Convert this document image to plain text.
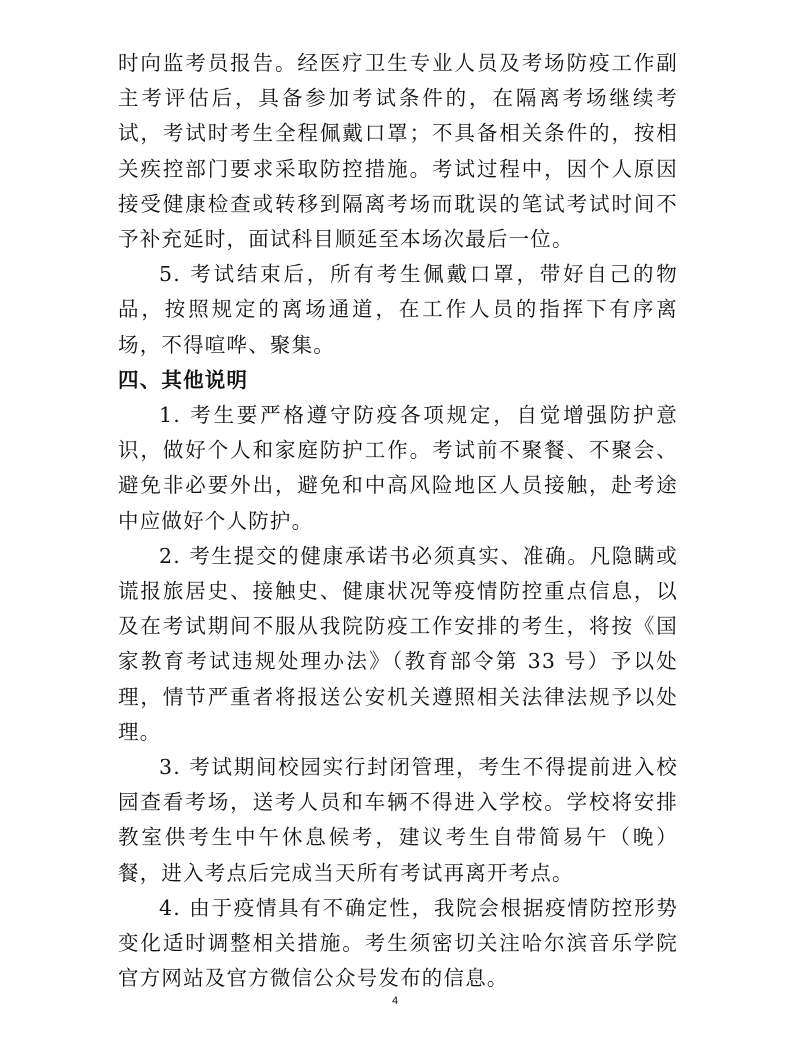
时向监考员报告。经医疗卫生专业人员及考场防疫工作副主考评估后，具备参加考试条件的，在隔离考场继续考试，考试时考生全程佩戴口罩；不具备相关条件的，按相关疾控部门要求采取防控措施。考试过程中，因个人原因接受健康检查或转移到隔离考场而耽误的笔试考试时间不予补充延时，面试科目顺延至本场次最后一位。

5. 考试结束后，所有考生佩戴口罩，带好自己的物品，按照规定的离场通道，在工作人员的指挥下有序离场，不得喧哗、聚集。

四、其他说明

1. 考生要严格遵守防疫各项规定，自觉增强防护意识，做好个人和家庭防护工作。考试前不聚餐、不聚会、避免非必要外出，避免和中高风险地区人员接触，赴考途中应做好个人防护。

2. 考生提交的健康承诺书必须真实、准确。凡隐瞒或谎报旅居史、接触史、健康状况等疫情防控重点信息，以及在考试期间不服从我院防疫工作安排的考生，将按《国家教育考试违规处理办法》（教育部令第 33 号）予以处理，情节严重者将报送公安机关遵照相关法律法规予以处理。

3. 考试期间校园实行封闭管理，考生不得提前进入校园查看考场，送考人员和车辆不得进入学校。学校将安排教室供考生中午休息候考，建议考生自带简易午（晚）餐，进入考点后完成当天所有考试再离开考点。

4. 由于疫情具有不确定性，我院会根据疫情防控形势变化适时调整相关措施。考生须密切关注哈尔滨音乐学院官方网站及官方微信公众号发布的信息。

4
